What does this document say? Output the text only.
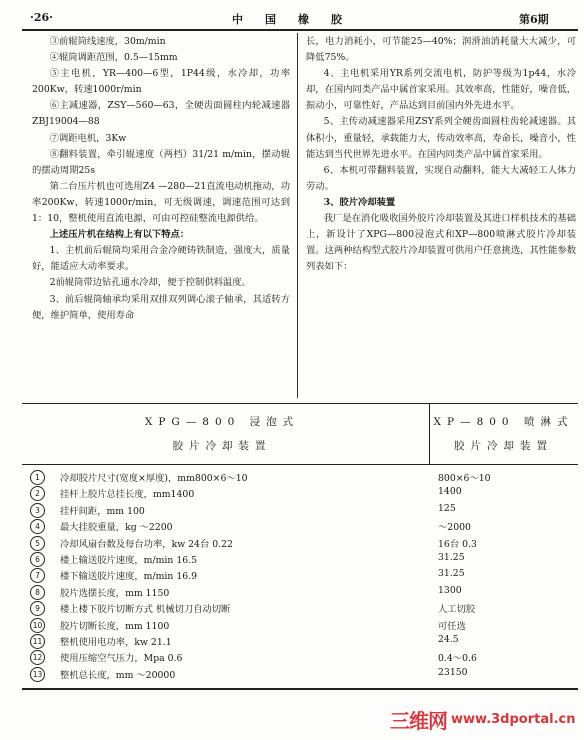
·26·	中国橡胶	第6期

③前辊筒线速度，30m/min

④辊筒调距范围，0.5—15mm

⑤主电机，YR—400—6型，1P44级，水冷却，功率200Kw，转速1000r/min

⑥主减速器，ZSY—560—63，全硬齿面圆柱内轮减速器ZBJ19004—88

⑦调距电机，3Kw

⑧翻料装置，牵引辊速度（两档）31/21 m/min，摆动辊的摆动周期25s

第二台压片机也可选用Z4 —280—21直流电动机拖动，功率200Kw，转速1000r/min，可无级调速，调速范围可达到1：10，整机使用直流电源，可由可控硅整流电源供给。

上述压片机在结构上有以下特点：

1、主机前后辊筒均采用合金冷硬铸铁制造，强度大，质量好，能适应大动率要求。

2前辊筒带边钻孔通水冷却，便于控制供料温度。

3、前后辊筒轴承均采用双排双列调心滚子轴承，其适转方便，维护简单，使用寿命

长，电力消耗小，可节能25—40%；润滑油消耗量大大减少，可降低75%。

4、主电机采用YR系列交流电机，防护等级为1p44，水冷却，在国内同类产品中属首家采用。其效率高，性能好，噪音低，振动小，可靠性好，产品达到目前国内外先进水平。

5、主传动减速器采用ZSY系列全硬齿面圆柱齿轮减速器。其体积小，重量轻，承载能力大，传动效率高，寿命长，噪音小，性能达到当代世界先进水平。在国内同类产品中属首家采用。

6、本机可带翻料装置，实现自动翻料，能大大减轻工人体力劳动。

3、胶片冷却装置

我厂是在消化吸收国外胶片冷却装置及其进口样机技术的基础上，新设计了XPG—800浸泡式和XP—800喷淋式胶片冷却装置。这两种结构型式胶片冷却装置可供用户任意挑选，其性能参数列表如下：

XPG—800 浸泡式
胶片冷却装置
XP—800 喷淋式
胶片冷却装置
1	冷却胶片尺寸(宽度×厚度)，mm800×6～10	800×6～10
2	挂杆上胶片总挂长度，mm1400	1400
3	挂杆间距，mm 100	125
4	最大挂胶重量，kg ～2200	～2000
5	冷却风扇台数及每台功率，kw 24台 0.22	16台 0.3
6	楼上输送胶片速度，m/min 16.5	31.25
7	楼下输送胶片速度，m/min 16.9	31.25
8	胶片选摆长度，mm 1150	1300
9	楼上楼下胶片切断方式 机械切刀自动切断	人工切胶
10 胶片切断长度，mm 1100	可任选
11 整机使用电功率，kw 21.1	24.5
12 使用压缩空气压力，Mpa 0.6	0.4～0.6
13 整机总长度，mm ～20000	23150
三维网 www.3dportal.cn
